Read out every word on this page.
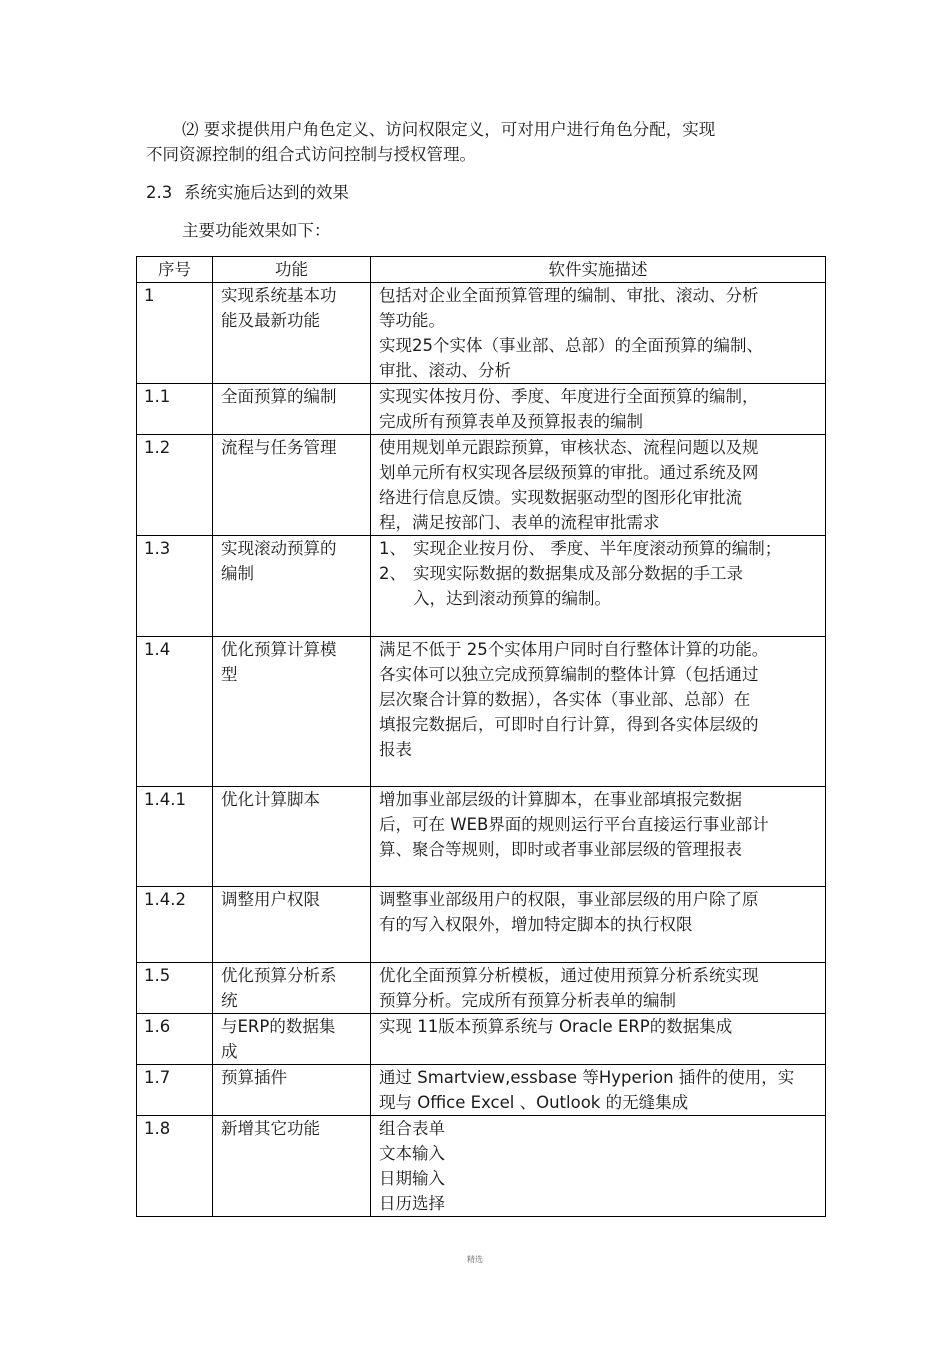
⑵ 要求提供用户角色定义、访问权限定义，可对用户进行角色分配，实现
不同资源控制的组合式访问控制与授权管理。
2.3 系统实施后达到的效果
主要功能效果如下：
序号	功能	软件实施描述
1	实现系统基本功
能及最新功能	包括对企业全面预算管理的编制、审批、滚动、分析
等功能。
实现25个实体（事业部、总部）的全面预算的编制、
审批、滚动、分析

1.1	全面预算的编制	实现实体按月份、季度、年度进行全面预算的编制，
完成所有预算表单及预算报表的编制

1.2	流程与任务管理	使用规划单元跟踪预算，审核状态、流程问题以及规
划单元所有权实现各层级预算的审批。通过系统及网
络进行信息反馈。实现数据驱动型的图形化审批流
程，满足按部门、表单的流程审批需求

1.3	实现滚动预算的
编制	1、 实现企业按月份、 季度、半年度滚动预算的编制；
2、 实现实际数据的数据集成及部分数据的手工录
入，达到滚动预算的编制。

1.4	优化预算计算模
型	满足不低于 25个实体用户同时自行整体计算的功能。
各实体可以独立完成预算编制的整体计算（包括通过
层次聚合计算的数据），各实体（事业部、总部）在
填报完数据后，可即时自行计算，得到各实体层级的
报表

1.4.1	优化计算脚本	增加事业部层级的计算脚本，在事业部填报完数据
后，可在 WEB界面的规则运行平台直接运行事业部计
算、聚合等规则，即时或者事业部层级的管理报表

1.4.2	调整用户权限	调整事业部级用户的权限，事业部层级的用户除了原
有的写入权限外，增加特定脚本的执行权限

1.5	优化预算分析系
统	优化全面预算分析模板，通过使用预算分析系统实现
预算分析。完成所有预算分析表单的编制

1.6	与ERP的数据集
成	实现 11版本预算系统与 Oracle ERP的数据集成

1.7	预算插件	通过 Smartview,essbase 等Hyperion 插件的使用，实
现与 Office Excel 、Outlook 的无缝集成

1.8	新增其它功能	组合表单
文本输入
日期输入
日历选择
精选
